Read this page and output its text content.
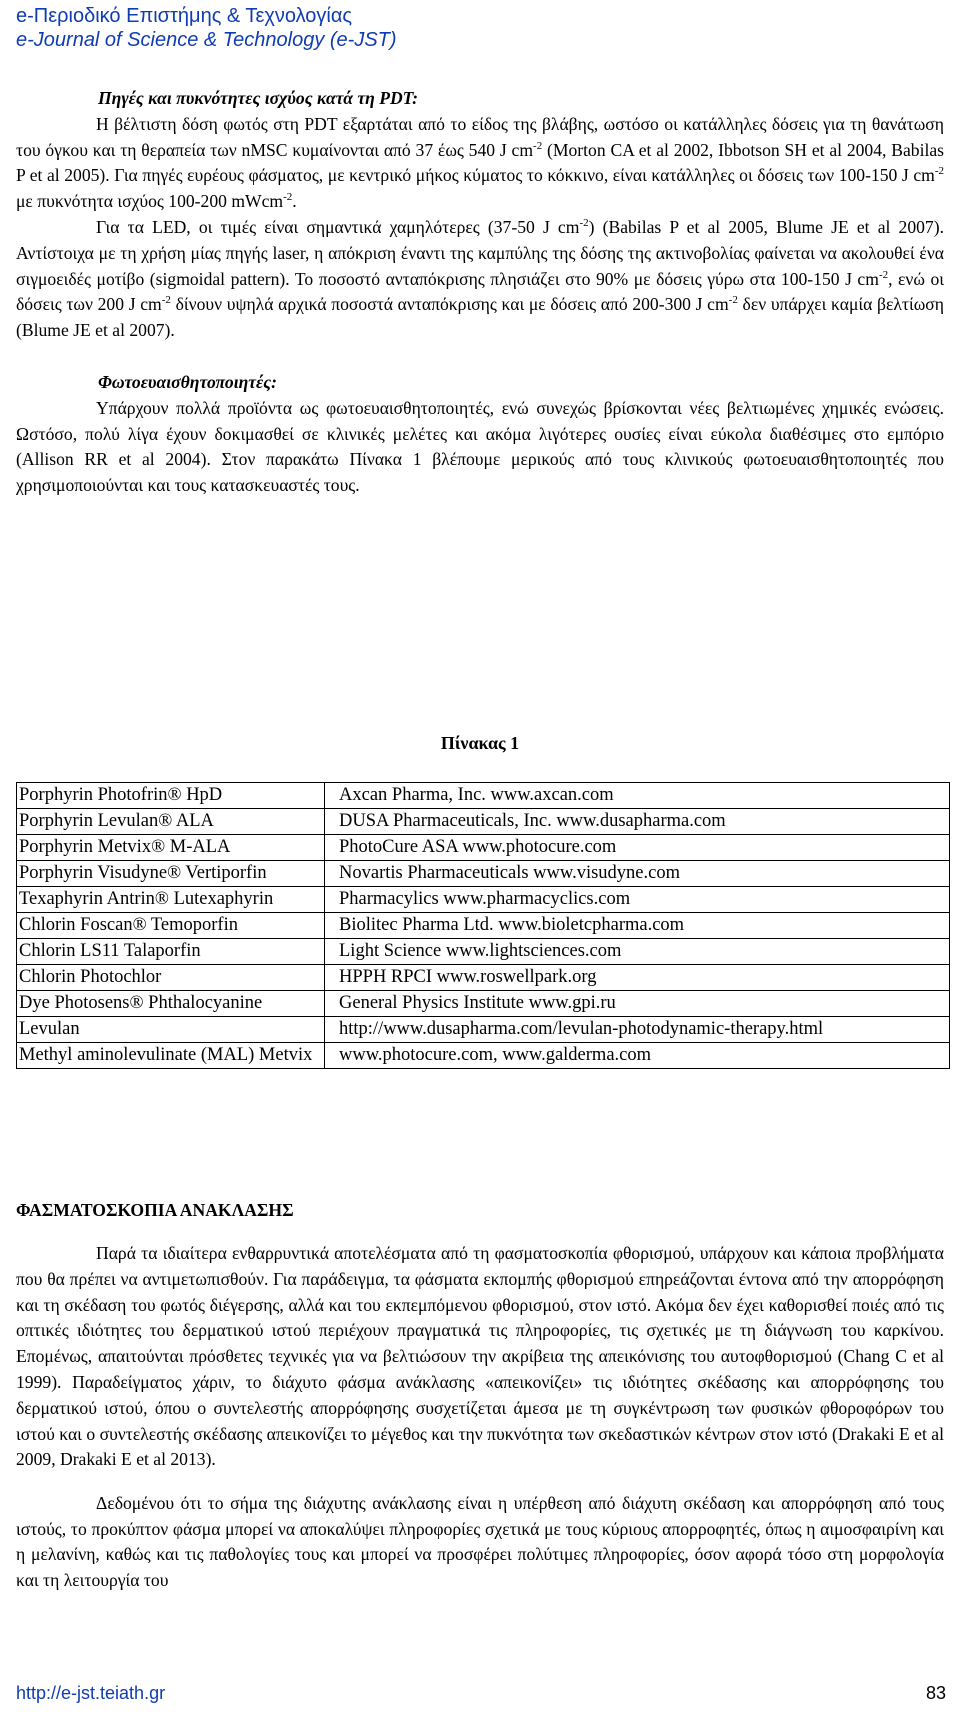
e-Περιοδικό Επιστήμης & Τεχνολογίας
e-Journal of Science & Technology (e-JST)

Πηγές και πυκνότητες ισχύος κατά τη PDT:

Η βέλτιστη δόση φωτός στη PDT εξαρτάται από το είδος της βλάβης, ωστόσο οι κατάλληλες δόσεις για τη θανάτωση του όγκου και τη θεραπεία των nMSC κυμαίνονται από 37 έως 540 J $cm^{-2}$ (Morton CA et al 2002, Ibbotson SH et al 2004, Babilas P et al 2005). Για πηγές ευρέους φάσματος, με κεντρικό μήκος κύματος το κόκκινο, είναι κατάλληλες οι δόσεις των 100-150 J $cm^{-2}$ με πυκνότητα ισχύος 100-200 mWcm$^{-2}$.

Για τα LED, οι τιμές είναι σημαντικά χαμηλότερες (37-50 J $cm^{-2}$) (Babilas P et al 2005, Blume JE et al 2007). Αντίστοιχα με τη χρήση μίας πηγής laser, η απόκριση έναντι της καμπύλης της δόσης της ακτινοβολίας φαίνεται να ακολουθεί ένα σιγμοειδές μοτίβο (sigmoidal pattern). Το ποσοστό ανταπόκρισης πλησιάζει στο 90% με δόσεις γύρω στα 100-150 J $cm^{-2}$, ενώ οι δόσεις των 200 J $cm^{-2}$ δίνουν υψηλά αρχικά ποσοστά ανταπόκρισης και με δόσεις από 200-300 J $cm^{-2}$ δεν υπάρχει καμία βελτίωση (Blume JE et al 2007).

Φωτοευαισθητοποιητές:

Υπάρχουν πολλά προϊόντα ως φωτοευαισθητοποιητές, ενώ συνεχώς βρίσκονται νέες βελτιωμένες χημικές ενώσεις. Ωστόσο, πολύ λίγα έχουν δοκιμασθεί σε κλινικές μελέτες και ακόμα λιγότερες ουσίες είναι εύκολα διαθέσιμες στο εμπόριο (Allison RR et al 2004). Στον παρακάτω Πίνακα 1 βλέπουμε μερικούς από τους κλινικούς φωτοευαισθητοποιητές που χρησιμοποιούνται και τους κατασκευαστές τους.

Πίνακας 1
Porphyrin Photofrin® HpD	Axcan Pharma, Inc. www.axcan.com
Porphyrin Levulan® ALA	DUSA Pharmaceuticals, Inc. www.dusapharma.com
Porphyrin Metvix® M-ALA	PhotoCure ASA www.photocure.com
Porphyrin Visudyne® Vertiporfin	Novartis Pharmaceuticals www.visudyne.com
Texaphyrin Antrin® Lutexaphyrin	Pharmacylics www.pharmacyclics.com
Chlorin Foscan® Temoporfin	Biolitec Pharma Ltd. www.bioletcpharma.com
Chlorin LS11 Talaporfin	Light Science www.lightsciences.com
Chlorin Photochlor	HPPH RPCI www.roswellpark.org
Dye Photosens® Phthalocyanine	General Physics Institute www.gpi.ru
Levulan	http://www.dusapharma.com/levulan-photodynamic-therapy.html
Methyl aminolevulinate (MAL) Metvix	www.photocure.com, www.galderma.com

ΦΑΣΜΑΤΟΣΚΟΠΙΑ ΑΝΑΚΛΑΣΗΣ

Παρά τα ιδιαίτερα ενθαρρυντικά αποτελέσματα από τη φασματοσκοπία φθορισμού, υπάρχουν και κάποια προβλήματα που θα πρέπει να αντιμετωπισθούν. Για παράδειγμα, τα φάσματα εκπομπής φθορισμού επηρεάζονται έντονα από την απορρόφηση και τη σκέδαση του φωτός διέγερσης, αλλά και του εκπεμπόμενου φθορισμού, στον ιστό. Ακόμα δεν έχει καθορισθεί ποιές από τις οπτικές ιδιότητες του δερματικού ιστού περιέχουν πραγματικά τις πληροφορίες, τις σχετικές με τη διάγνωση του καρκίνου. Επομένως, απαιτούνται πρόσθετες τεχνικές για να βελτιώσουν την ακρίβεια της απεικόνισης του αυτοφθορισμού (Chang C et al 1999). Παραδείγματος χάριν, το διάχυτο φάσμα ανάκλασης «απεικονίζει» τις ιδιότητες σκέδασης και απορρόφησης του δερματικού ιστού, όπου ο συντελεστής απορρόφησης συσχετίζεται άμεσα με τη συγκέντρωση των φυσικών φθοροφόρων του ιστού και ο συντελεστής σκέδασης απεικονίζει το μέγεθος και την πυκνότητα των σκεδαστικών κέντρων στον ιστό (Drakaki E et al 2009, Drakaki E et al 2013).

Δεδομένου ότι το σήμα της διάχυτης ανάκλασης είναι η υπέρθεση από διάχυτη σκέδαση και απορρόφηση από τους ιστούς, το προκύπτον φάσμα μπορεί να αποκαλύψει πληροφορίες σχετικά με τους κύριους απορροφητές, όπως η αιμοσφαιρίνη και η μελανίνη, καθώς και τις παθολογίες τους και μπορεί να προσφέρει πολύτιμες πληροφορίες, όσον αφορά τόσο στη μορφολογία και τη λειτουργία του

http://e-jst.teiath.gr	83
